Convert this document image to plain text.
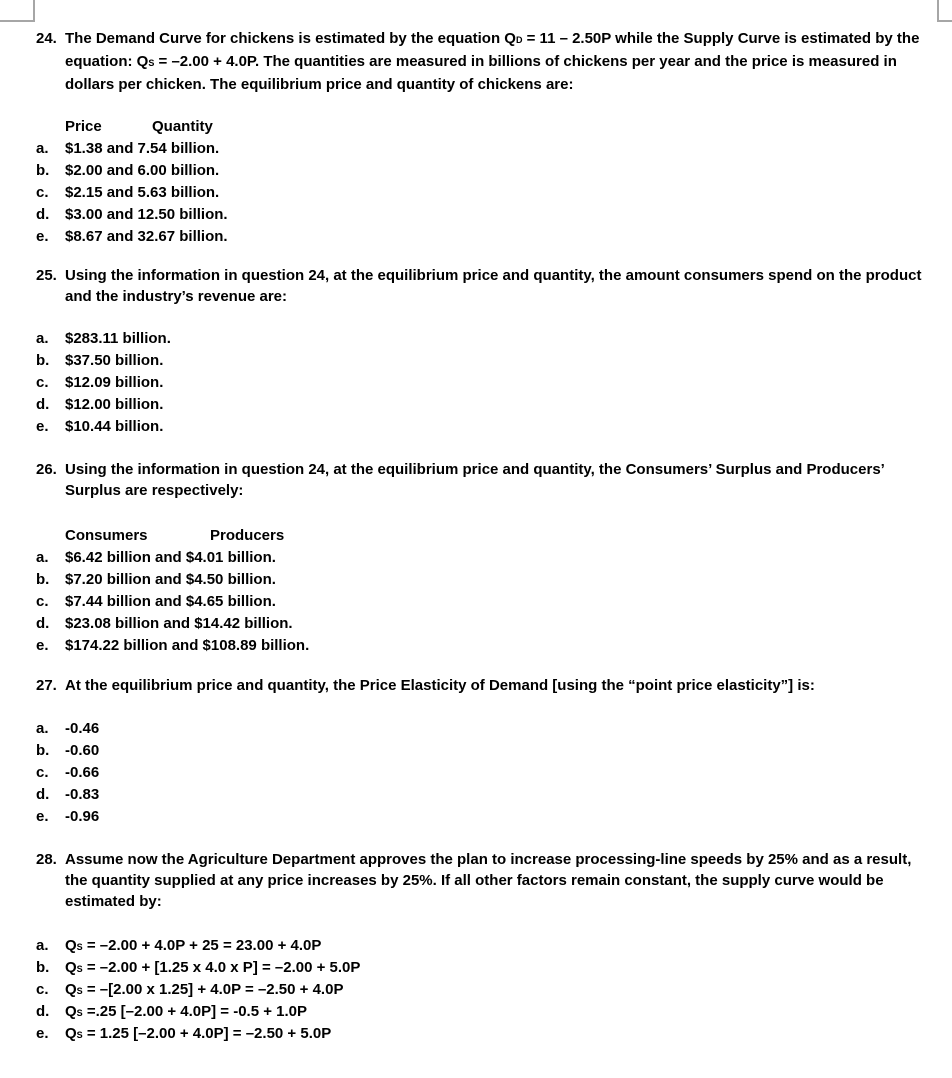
24. The Demand Curve for chickens is estimated by the equation QD = 11 – 2.50P while the Supply Curve is estimated by the equation: QS = –2.00 + 4.0P. The quantities are measured in billions of chickens per year and the price is measured in dollars per chicken. The equilibrium price and quantity of chickens are:
Price	Quantity
a.	$1.38 and 7.54 billion.
b.	$2.00 and 6.00 billion.
c.	$2.15 and 5.63 billion.
d.	$3.00 and 12.50 billion.
e.	$8.67 and 32.67 billion.
25. Using the information in question 24, at the equilibrium price and quantity, the amount consumers spend on the product and the industry’s revenue are:
a.	$283.11 billion.
b.	$37.50 billion.
c.	$12.09 billion.
d.	$12.00 billion.
e.	$10.44 billion.
26. Using the information in question 24, at the equilibrium price and quantity, the Consumers’ Surplus and Producers’ Surplus are respectively:
Consumers	Producers
a.	$6.42 billion and $4.01 billion.
b.	$7.20 billion and $4.50 billion.
c.	$7.44 billion and $4.65 billion.
d.	$23.08 billion and $14.42 billion.
e.	$174.22 billion and $108.89 billion.
27. At the equilibrium price and quantity, the Price Elasticity of Demand [using the “point price elasticity”] is:
a.	-0.46
b.	-0.60
c.	-0.66
d.	-0.83
e.	-0.96
28. Assume now the Agriculture Department approves the plan to increase processing-line speeds by 25% and as a result, the quantity supplied at any price increases by 25%. If all other factors remain constant, the supply curve would be estimated by:
a.	QS = –2.00 + 4.0P + 25 = 23.00 + 4.0P
b.	QS = –2.00 + [1.25 x 4.0 x P] = –2.00 + 5.0P
c.	QS = –[2.00 x 1.25] + 4.0P = –2.50 + 4.0P
d.	QS =.25 [–2.00 + 4.0P] = -0.5 + 1.0P
e.	QS = 1.25 [–2.00 + 4.0P] = –2.50 + 5.0P
